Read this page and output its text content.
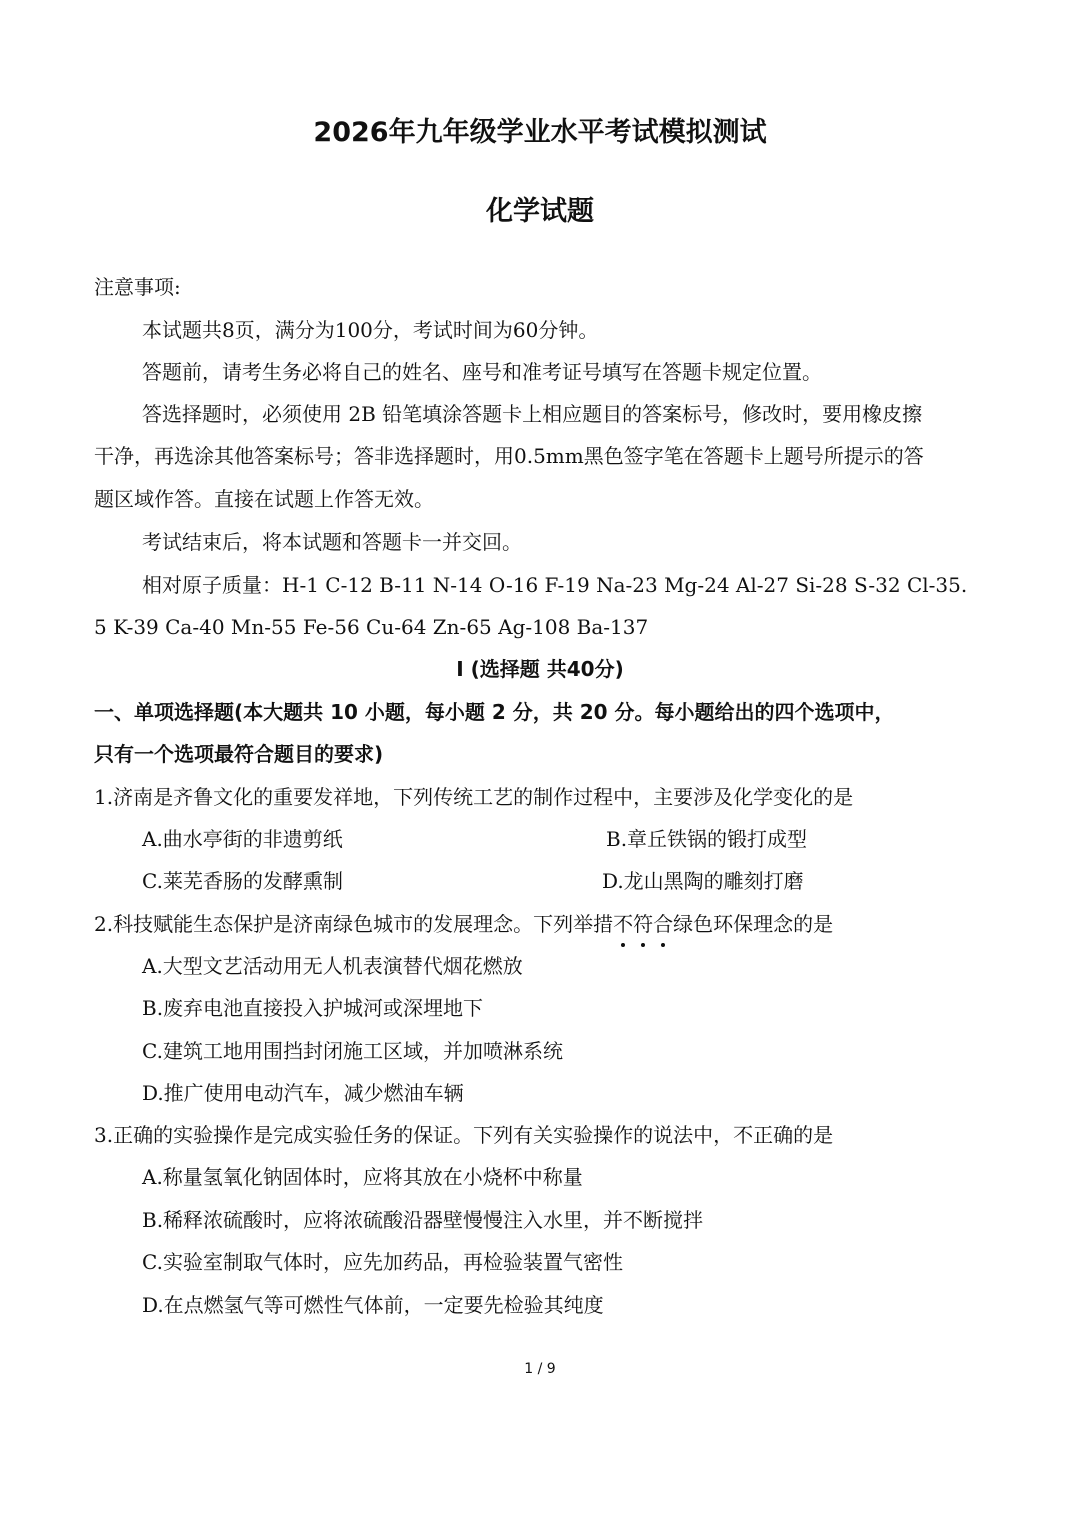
2026年九年级学业水平考试模拟测试
化学试题
注意事项:
本试题共8页，满分为100分，考试时间为60分钟。
答题前，请考生务必将自己的姓名、座号和准考证号填写在答题卡规定位置。
答选择题时，必须使用 2B 铅笔填涂答题卡上相应题目的答案标号，修改时，要用橡皮擦
干净，再选涂其他答案标号；答非选择题时，用0.5mm黑色签字笔在答题卡上题号所提示的答
题区域作答。直接在试题上作答无效。
考试结束后，将本试题和答题卡一并交回。
相对原子质量：H-1 C-12 B-11 N-14 O-16 F-19 Na-23 Mg-24 Al-27 Si-28 S-32 Cl-35.
5 K-39 Ca-40 Mn-55 Fe-56 Cu-64 Zn-65 Ag-108 Ba-137
Ⅰ (选择题 共40分)
一、单项选择题(本大题共 10 小题，每小题 2 分，共 20 分。每小题给出的四个选项中，
只有一个选项最符合题目的要求)
1.济南是齐鲁文化的重要发祥地，下列传统工艺的制作过程中，主要涉及化学变化的是
A.曲水亭街的非遗剪纸	B.章丘铁锅的锻打成型
C.莱芜香肠的发酵熏制	D.龙山黑陶的雕刻打磨
2.科技赋能生态保护是济南绿色城市的发展理念。下列举措不符合绿色环保理念的是
A.大型文艺活动用无人机表演替代烟花燃放
B.废弃电池直接投入护城河或深埋地下
C.建筑工地用围挡封闭施工区域，并加喷淋系统
D.推广使用电动汽车，减少燃油车辆
3.正确的实验操作是完成实验任务的保证。下列有关实验操作的说法中，不正确的是
A.称量氢氧化钠固体时，应将其放在小烧杯中称量
B.稀释浓硫酸时，应将浓硫酸沿器壁慢慢注入水里，并不断搅拌
C.实验室制取气体时，应先加药品，再检验装置气密性
D.在点燃氢气等可燃性气体前，一定要先检验其纯度
1 / 9
